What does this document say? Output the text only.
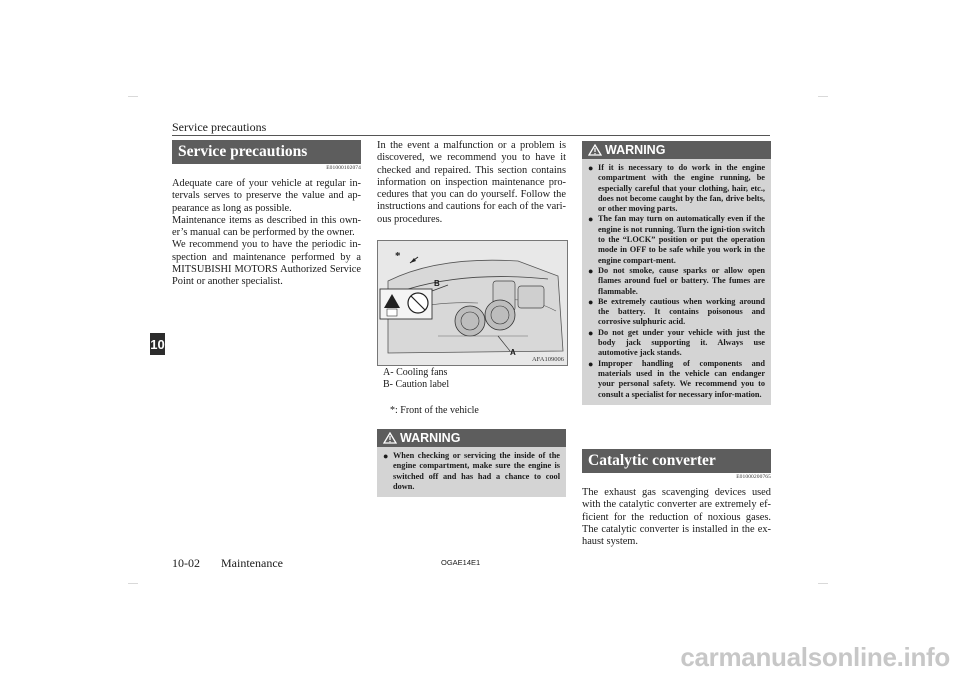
Service precautions
10
Service precautions
E01000102074

Adequate care of your vehicle at regular in-tervals serves to preserve the value and ap-pearance as long as possible.

Maintenance items as described in this own-er’s manual can be performed by the owner.

We recommend you to have the periodic in-spection and maintenance performed by a MITSUBISHI MOTORS Authorized Service Point or another specialist.

In the event a malfunction or a problem is discovered, we recommend you to have it checked and repaired. This section contains information on inspection maintenance pro-cedures that you can do yourself. Follow the instructions and cautions for each of the vari-ous procedures.
*
B
A
AFA109006
A- Cooling fans
B- Caution label
*: Front of the vehicle
WARNING
● When checking or servicing the inside of the engine compartment, make sure the engine is switched off and has had a chance to cool down.
WARNING
● If it is necessary to do work in the engine compartment with the engine running, be especially careful that your clothing, hair, etc., does not become caught by the fan, drive belts, or other moving parts.
● The fan may turn on automatically even if the engine is not running. Turn the igni-tion switch to the “LOCK” position or put the operation mode in OFF to be safe while you work in the engine compart-ment.
● Do not smoke, cause sparks or allow open flames around fuel or battery. The fumes are flammable.
● Be extremely cautious when working around the battery. It contains poisonous and corrosive sulphuric acid.
● Do not get under your vehicle with just the body jack supporting it. Always use automotive jack stands.
● Improper handling of components and materials used in the vehicle can endanger your personal safety. We recommend you to consult a specialist for necessary infor-mation.
Catalytic converter
E01000200765
The exhaust gas scavenging devices used with the catalytic converter are extremely ef-ficient for the reduction of noxious gases. The catalytic converter is installed in the ex-haust system.
10-02 Maintenance	OGAE14E1
carmanualsonline.info
